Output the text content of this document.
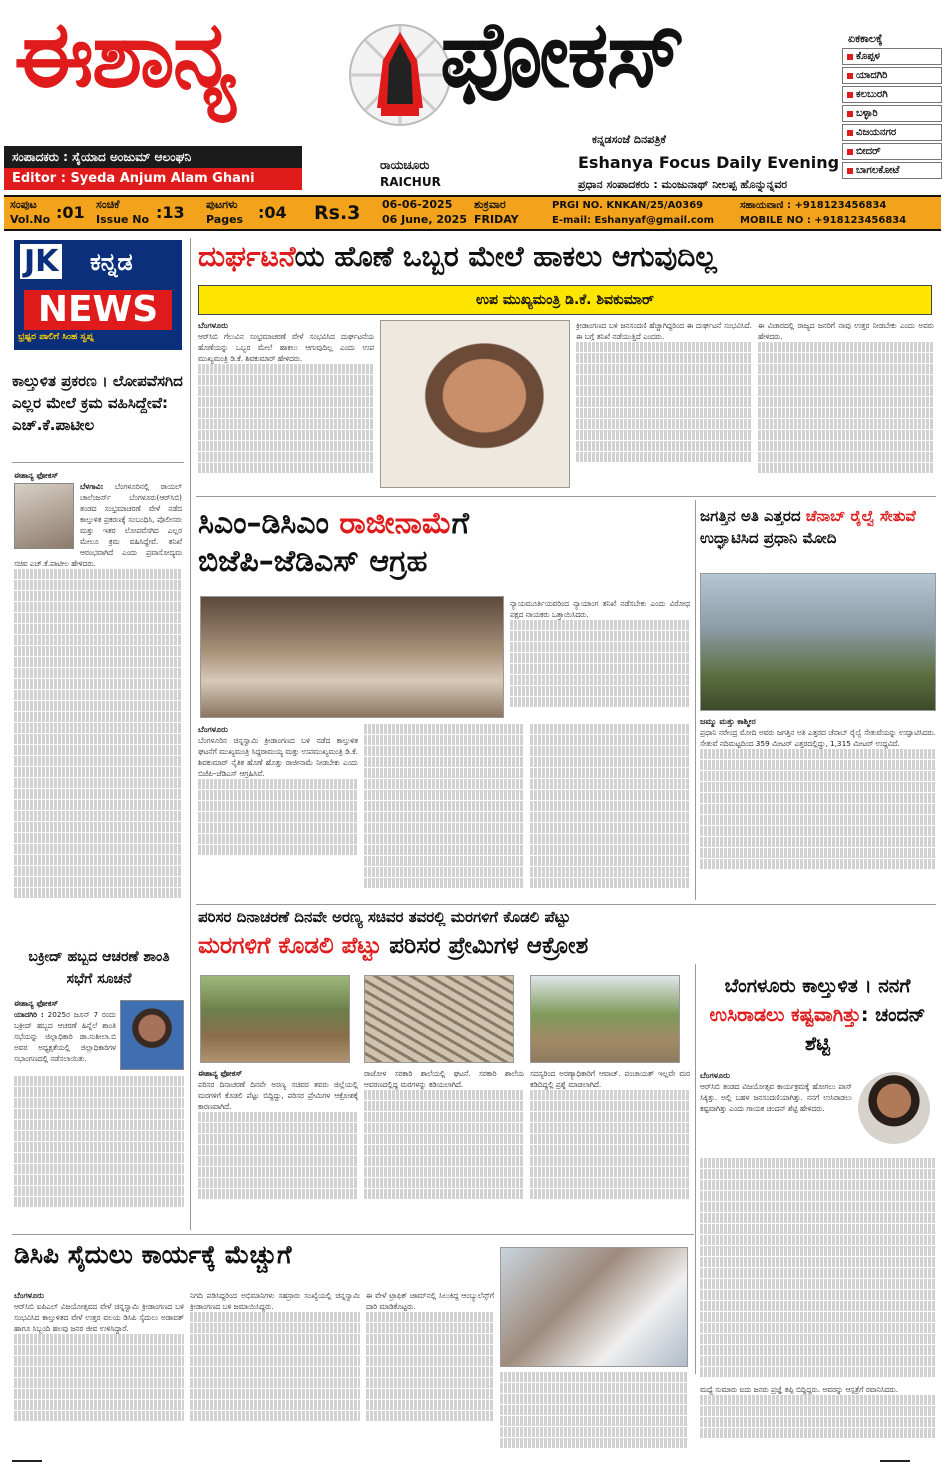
ಈಶಾನ್ಯ ಫೋಕಸ್
ಕನ್ನಡಸಂಜೆ ದಿನಪತ್ರಿಕೆ
ರಾಯಚೂರು
RAICHUR
Eshanya Focus Daily Evening
ಪ್ರಧಾನ ಸಂಪಾದಕರು : ಮಂಜುನಾಥ್ ನೀಲಪ್ಪ ಹೊನ್ನುನ್ನವರ
ಸಂಪಾದಕರು : ಸೈಯಾದ ಅಂಜುಮ್ ಆಲಂಘನಿ
Editor : Syeda Anjum Alam Ghani
ಏಕಕಾಲಕ್ಕೆ
ಕೊಪ್ಪಳ
ಯಾದಗಿರಿ
ಕಲಬುರಗಿ
ಬಳ್ಳಾರಿ
ವಿಜಯನಗರ
ಬೀದರ್
ಬಾಗಲಕೋಟೆ
ಸಂಪುಟ
Vol.No :01 ಸಂಚಿಕೆ
Issue No :13 ಪುಟಗಳು
Pages :04 Rs.3 06-06-2025
06 June, 2025
ಶುಕ್ರವಾರ
FRIDAY
PRGI NO. KNKAN/25/A0369
E-mail: Eshanyaf@gmail.com
ಸಹಾಯವಾಣಿ : +918123456834
MOBILE NO : +918123456834
JK ಕನ್ನಡ
NEWS
ಭ್ರಷ್ಟರ ಪಾಲಿಗೆ ಸಿಂಹ ಸ್ವಪ್ನ
ಕಾಲ್ತುಳಿತ ಪ್ರಕರಣ । ಲೋಪವೆಸಗಿದ ಎಲ್ಲರ ಮೇಲೆ ಕ್ರಮ ವಹಿಸಿದ್ದೇವೆ: ಎಚ್.ಕೆ.ಪಾಟೀಲ
ಈಶಾನ್ಯ ಫೋಕಸ್
ಬೆಳಗಾವಿ: ಬೆಂಗಳೂರಿನಲ್ಲಿ ರಾಯಲ್ ಚಾಲೆಂಜರ್ಸ್ ಬೆಂಗಳೂರು(ಆರ್‌ಸಿಬಿ) ತಂಡದ ಸಂಭ್ರಮಾಚರಣೆ ವೇಳೆ ನಡೆದ ಕಾಲ್ತುಳಿತ ಪ್ರಕರಣಕ್ಕೆ ಸಂಬಂಧಿಸಿ, ಪೊಲೀಸರು ಮತ್ತು ಇತರ ಲೋಪವೆಸಗಿದ ಎಲ್ಲರ ಮೇಲೂ ಕ್ರಮ ವಹಿಸಿದ್ದೇವೆ. ತನಿಖೆ ಆರಂಭವಾಗಿದೆ ಎಂದು ಪ್ರವಾಸೋದ್ಯಮ ಸಚಿವ ಎಚ್.ಕೆ.ಪಾಟೀಲ ಹೇಳಿದರು.
ಬಕ್ರೀದ್ ಹಬ್ಬದ ಆಚರಣೆ ಶಾಂತಿ ಸಭೆಗೆ ಸೂಚನೆ
ಈಶಾನ್ಯ ಫೋಕಸ್
ಯಾದಗಿರಿ : 2025ರ ಜೂನ್ 7 ರಂದು ಬಕ್ರೀದ್ ಹಬ್ಬದ ಆಚರಣೆ ಹಿನ್ನೆಲೆ ಶಾಂತಿ ಸಭೆಯನ್ನು ಜಿಲ್ಲಾಧಿಕಾರಿ ಡಾ.ಸುಶೀಲಾ.ಬಿ ಅವರ ಅಧ್ಯಕ್ಷತೆಯಲ್ಲಿ ಜಿಲ್ಲಾಧಿಕಾರಿಗಳ ಸಭಾಂಗಣದಲ್ಲಿ ನಡೆಸಲಾಯಿತು.
ದುರ್ಘಟನೆಯ ಹೊಣೆ ಒಬ್ಬರ ಮೇಲೆ ಹಾಕಲು ಆಗುವುದಿಲ್ಲ
ಉಪ ಮುಖ್ಯಮಂತ್ರಿ ಡಿ.ಕೆ. ಶಿವಕುಮಾರ್
ಬೆಂಗಳೂರು
ಆರ್‌ಸಿಬಿ ಗೆಲುವಿನ ಸಂಭ್ರಮಾಚರಣೆ ವೇಳೆ ಸಂಭವಿಸಿದ ದುರ್ಘಟನೆಯ ಹೊಣೆಯನ್ನು ಒಬ್ಬರ ಮೇಲೆ ಹಾಕಲು ಆಗುವುದಿಲ್ಲ ಎಂದು ಉಪ ಮುಖ್ಯಮಂತ್ರಿ ಡಿ.ಕೆ. ಶಿವಕುಮಾರ್ ಹೇಳಿದರು.
ಕ್ರೀಡಾಂಗಣದ ಬಳಿ ಜನಸಂದಣಿ ಹೆಚ್ಚಾಗಿದ್ದರಿಂದ ಈ ದುರ್ಘಟನೆ ಸಂಭವಿಸಿದೆ. ಈ ಬಗ್ಗೆ ತನಿಖೆ ನಡೆಯುತ್ತಿದೆ ಎಂದರು.
ಈ ವಿಚಾರದಲ್ಲಿ ರಾಜ್ಯದ ಜನರಿಗೆ ನಾವು ಉತ್ತರ ನೀಡಬೇಕು ಎಂದು ಅವರು ಹೇಳಿದರು.
ಸಿಎಂ–ಡಿಸಿಎಂ ರಾಜೀನಾಮೆಗೆ
ಬಿಜೆಪಿ–ಜೆಡಿಎಸ್ ಆಗ್ರಹ
ನ್ಯಾಯಮೂರ್ತಿಯವರಿಂದ ನ್ಯಾಯಾಂಗ ತನಿಖೆ ನಡೆಸಬೇಕು ಎಂದು ವಿರೋಧ ಪಕ್ಷದ ನಾಯಕರು ಒತ್ತಾಯಿಸಿದರು.
ಬೆಂಗಳೂರು
ಬೆಂಗಳೂರಿನ ಚಿನ್ನಸ್ವಾಮಿ ಕ್ರೀಡಾಂಗಣದ ಬಳಿ ನಡೆದ ಕಾಲ್ತುಳಿತ ಘಟನೆಗೆ ಮುಖ್ಯಮಂತ್ರಿ ಸಿದ್ದರಾಮಯ್ಯ ಮತ್ತು ಉಪಮುಖ್ಯಮಂತ್ರಿ ಡಿ.ಕೆ. ಶಿವಕುಮಾರ್ ನೈತಿಕ ಹೊಣೆ ಹೊತ್ತು ರಾಜೀನಾಮೆ ನೀಡಬೇಕು ಎಂದು ಬಿಜೆಪಿ–ಜೆಡಿಎಸ್ ಆಗ್ರಹಿಸಿವೆ.
ಜಗತ್ತಿನ ಅತಿ ಎತ್ತರದ ಚೆನಾಬ್ ರೈಲ್ವೆ ಸೇತುವೆ ಉದ್ಘಾಟಿಸಿದ ಪ್ರಧಾನಿ ಮೋದಿ
ಜಮ್ಮು ಮತ್ತು ಕಾಶ್ಮೀರ
ಪ್ರಧಾನಿ ನರೇಂದ್ರ ಮೋದಿ ಅವರು ಜಗತ್ತಿನ ಅತಿ ಎತ್ತರದ ಚೆನಾಬ್ ರೈಲ್ವೆ ಸೇತುವೆಯನ್ನು ಉದ್ಘಾಟಿಸಿದರು. ಸೇತುವೆ ನದಿಮಟ್ಟದಿಂದ 359 ಮೀಟರ್ ಎತ್ತರದಲ್ಲಿದ್ದು, 1,315 ಮೀಟರ್ ಉದ್ದವಿದೆ.
ಪರಿಸರ ದಿನಾಚರಣೆ ದಿನವೇ ಅರಣ್ಯ ಸಚಿವರ ತವರಲ್ಲಿ ಮರಗಳಿಗೆ ಕೊಡಲಿ ಪೆಟ್ಟು
ಮರಗಳಿಗೆ ಕೊಡಲಿ ಪೆಟ್ಟು ಪರಿಸರ ಪ್ರೇಮಿಗಳ ಆಕ್ರೋಶ
ಈಶಾನ್ಯ ಫೋಕಸ್
ಪರಿಸರ ದಿನಾಚರಣೆ ದಿನವೇ ಅರಣ್ಯ ಸಚಿವರ ತವರು ಜಿಲ್ಲೆಯಲ್ಲಿ ಮರಗಳಿಗೆ ಕೊಡಲಿ ಪೆಟ್ಟು ಬಿದ್ದಿದ್ದು, ಪರಿಸರ ಪ್ರೇಮಿಗಳ ಆಕ್ರೋಶಕ್ಕೆ ಕಾರಣವಾಗಿದೆ.
ರಾಜೋಳ ಸರಕಾರಿ ಶಾಲೆಯಲ್ಲಿ ಘಟನೆ. ಸರಕಾರಿ ಶಾಲೆಯ ಆವರಣದಲ್ಲಿದ್ದ ಮರಗಳನ್ನು ಕಡಿಯಲಾಗಿದೆ.
ಸದಸ್ಯರಿಂದ ಅರಣ್ಯಾಧಿಕಾರಿಗೆ ಆವಾಜ್. ಪಂಚಾಯತ್ ಇಲ್ಲವೇ ಮರ ಕಡಿದಿದ್ದಲ್ಲಿ ಪ್ರಶ್ನೆ ಮಾಡಲಾಗಿದೆ.
ಬೆಂಗಳೂರು ಕಾಲ್ತುಳಿತ । ನನಗೆ ಉಸಿರಾಡಲು ಕಷ್ಟವಾಗಿತ್ತು: ಚಂದನ್ ಶೆಟ್ಟಿ
ಬೆಂಗಳೂರು
ಆರ್‌ಸಿಬಿ ತಂಡದ ವಿಜಯೋತ್ಸವ ಕಾರ್ಯಕ್ರಮಕ್ಕೆ ಹೋಗಲು ಪಾಸ್ ಸಿಕ್ಕಿತ್ತು. ಅಲ್ಲಿ ಬಹಳ ಜನಸಂದಣಿಯಾಗಿತ್ತು. ನನಗೆ ಉಸಿರಾಡಲು ಕಷ್ಟವಾಗಿತ್ತು ಎಂದು ಗಾಯಕ ಚಂದನ್ ಶೆಟ್ಟಿ ಹೇಳಿದರು.
ಡಿಸಿಪಿ ಸೈದುಲು ಕಾರ್ಯಕ್ಕೆ ಮೆಚ್ಚುಗೆ
ಬೆಂಗಳೂರು
ಆರ್‌ಸಿಬಿ ಐಪಿಎಲ್ ವಿಜಯೋತ್ಸವದ ವೇಳೆ ಚಿನ್ನಸ್ವಾಮಿ ಕ್ರೀಡಾಂಗಣದ ಬಳಿ ಸಂಭವಿಸಿದ ಕಾಲ್ತುಳಿತದ ವೇಳೆ ಉತ್ತರ ವಲಯ ಡಿಸಿಪಿ ಸೈದುಲು ಅಡಾವತ್ ಹಾಗೂ ಸಿಬ್ಬಂದಿ ಹಲವು ಜನರ ಜೀವ ಉಳಿಸಿದ್ದಾರೆ.
ನಿಗದಿ ಪಡಿಸಿದ್ದರಿಂದ ಅಭಿಮಾನಿಗಳು ಸಹಸ್ರಾರು ಸಂಖ್ಯೆಯಲ್ಲಿ ಚಿನ್ನಸ್ವಾಮಿ ಕ್ರೀಡಾಂಗಣದ ಬಳಿ ಜಮಾಯಿಸಿದ್ದರು.
ಈ ವೇಳೆ ಟ್ರಾಫಿಕ್ ಜಾಮ್‌ನಲ್ಲಿ ಸಿಲುಕಿದ್ದ ಆಂಬ್ಯುಲೆನ್ಸ್‌ಗೆ ದಾರಿ ಮಾಡಿಕೊಟ್ಟರು.
ಮಧ್ಯೆ ಸುಮಾರು ಐದು ಜನರು ಪ್ರಜ್ಞೆ ತಪ್ಪಿ ಬಿದ್ದಿದ್ದರು. ಅವರನ್ನು ಆಸ್ಪತ್ರೆಗೆ ರವಾನಿಸಿದರು.
